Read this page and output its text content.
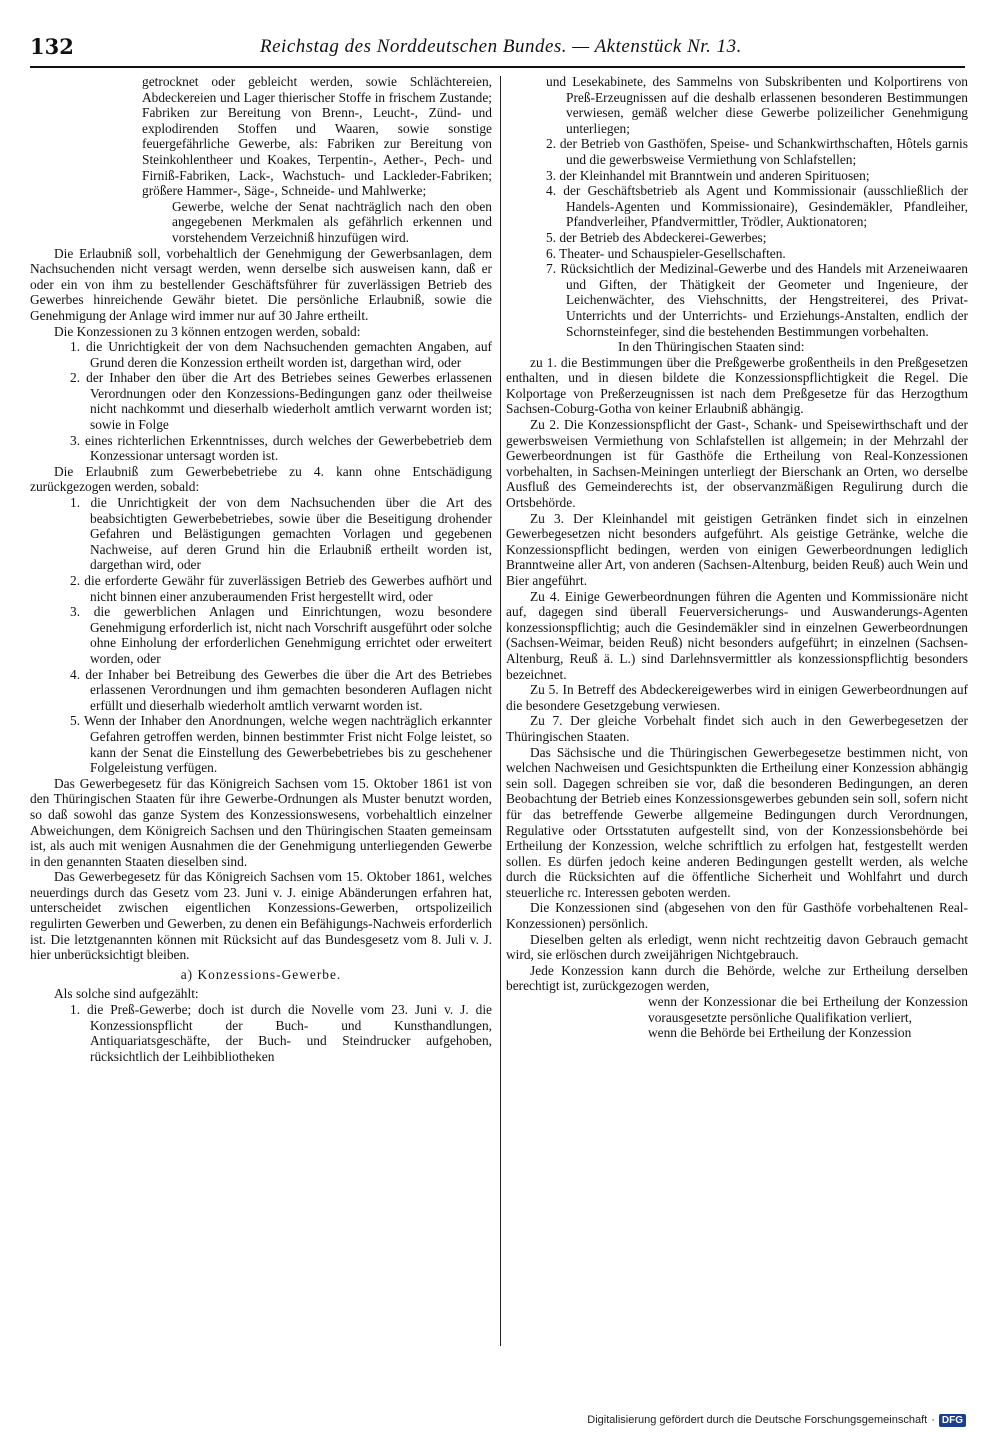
132	Reichstag des Norddeutschen Bundes. — Aktenstück Nr. 13.

getrocknet oder gebleicht werden, sowie Schlächtereien, Abdeckereien und Lager thierischer Stoffe in frischem Zustande; Fabriken zur Bereitung von Brenn-, Leucht-, Zünd- und explodirenden Stoffen und Waaren, sowie sonstige feuergefährliche Gewerbe, als: Fabriken zur Bereitung von Steinkohlentheer und Koakes, Terpentin-, Aether-, Pech- und Firniß-Fabriken, Lack-, Wachstuch- und Lackleder-Fabriken; größere Hammer-, Säge-, Schneide- und Mahlwerke;

Gewerbe, welche der Senat nachträglich nach den oben angegebenen Merkmalen als gefährlich erkennen und vorstehendem Verzeichniß hinzufügen wird.

Die Erlaubniß soll, vorbehaltlich der Genehmigung der Gewerbsanlagen, dem Nachsuchenden nicht versagt werden, wenn derselbe sich ausweisen kann, daß er oder ein von ihm zu bestellender Geschäftsführer für zuverlässigen Betrieb des Gewerbes hinreichende Gewähr bietet. Die persönliche Erlaubniß, sowie die Genehmigung der Anlage wird immer nur auf 30 Jahre ertheilt.

Die Konzessionen zu 3 können entzogen werden, sobald:

1. die Unrichtigkeit der von dem Nachsuchenden gemachten Angaben, auf Grund deren die Konzession ertheilt worden ist, dargethan wird, oder

2. der Inhaber den über die Art des Betriebes seines Gewerbes erlassenen Verordnungen oder den Konzessions-Bedingungen ganz oder theilweise nicht nachkommt und dieserhalb wiederholt amtlich verwarnt worden ist; sowie in Folge

3. eines richterlichen Erkenntnisses, durch welches der Gewerbebetrieb dem Konzessionar untersagt worden ist.

Die Erlaubniß zum Gewerbebetriebe zu 4. kann ohne Entschädigung zurückgezogen werden, sobald:

1. die Unrichtigkeit der von dem Nachsuchenden über die Art des beabsichtigten Gewerbebetriebes, sowie über die Beseitigung drohender Gefahren und Belästigungen gemachten Vorlagen und gegebenen Nachweise, auf deren Grund hin die Erlaubniß ertheilt worden ist, dargethan wird, oder

2. die erforderte Gewähr für zuverlässigen Betrieb des Gewerbes aufhört und nicht binnen einer anzuberaumenden Frist hergestellt wird, oder

3. die gewerblichen Anlagen und Einrichtungen, wozu besondere Genehmigung erforderlich ist, nicht nach Vorschrift ausgeführt oder solche ohne Einholung der erforderlichen Genehmigung errichtet oder erweitert worden, oder

4. der Inhaber bei Betreibung des Gewerbes die über die Art des Betriebes erlassenen Verordnungen und ihm gemachten besonderen Auflagen nicht erfüllt und dieserhalb wiederholt amtlich verwarnt worden ist.

5. Wenn der Inhaber den Anordnungen, welche wegen nachträglich erkannter Gefahren getroffen werden, binnen bestimmter Frist nicht Folge leistet, so kann der Senat die Einstellung des Gewerbebetriebes bis zu geschehener Folgeleistung verfügen.

Das Gewerbegesetz für das Königreich Sachsen vom 15. Oktober 1861 ist von den Thüringischen Staaten für ihre Gewerbe-Ordnungen als Muster benutzt worden, so daß sowohl das ganze System des Konzessionswesens, vorbehaltlich einzelner Abweichungen, dem Königreich Sachsen und den Thüringischen Staaten gemeinsam ist, als auch mit wenigen Ausnahmen die der Genehmigung unterliegenden Gewerbe in den genannten Staaten dieselben sind.

Das Gewerbegesetz für das Königreich Sachsen vom 15. Oktober 1861, welches neuerdings durch das Gesetz vom 23. Juni v. J. einige Abänderungen erfahren hat, unterscheidet zwischen eigentlichen Konzessions-Gewerben, ortspolizeilich regulirten Gewerben und Gewerben, zu denen ein Befähigungs-Nachweis erforderlich ist. Die letztgenannten können mit Rücksicht auf das Bundesgesetz vom 8. Juli v. J. hier unberücksichtigt bleiben.

a) Konzessions-Gewerbe.

Als solche sind aufgezählt:

1. die Preß-Gewerbe; doch ist durch die Novelle vom 23. Juni v. J. die Konzessionspflicht der Buch- und Kunsthandlungen, Antiquariatsgeschäfte, der Buch- und Steindrucker aufgehoben, rücksichtlich der Leihbibliotheken

und Lesekabinete, des Sammelns von Subskribenten und Kolportirens von Preß-Erzeugnissen auf die deshalb erlassenen besonderen Bestimmungen verwiesen, gemäß welcher diese Gewerbe polizeilicher Genehmigung unterliegen;

2. der Betrieb von Gasthöfen, Speise- und Schankwirthschaften, Hôtels garnis und die gewerbsweise Vermiethung von Schlafstellen;

3. der Kleinhandel mit Branntwein und anderen Spirituosen;

4. der Geschäftsbetrieb als Agent und Kommissionair (ausschließlich der Handels-Agenten und Kommissionaire), Gesindemäkler, Pfandleiher, Pfandverleiher, Pfandvermittler, Trödler, Auktionatoren;

5. der Betrieb des Abdeckerei-Gewerbes;

6. Theater- und Schauspieler-Gesellschaften.

7. Rücksichtlich der Medizinal-Gewerbe und des Handels mit Arzeneiwaaren und Giften, der Thätigkeit der Geometer und Ingenieure, der Leichenwächter, des Viehschnitts, der Hengstreiterei, des Privat-Unterrichts und der Unterrichts- und Erziehungs-Anstalten, endlich der Schornsteinfeger, sind die bestehenden Bestimmungen vorbehalten.

In den Thüringischen Staaten sind:

zu 1. die Bestimmungen über die Preßgewerbe großentheils in den Preßgesetzen enthalten, und in diesen bildete die Konzessionspflichtigkeit die Regel. Die Kolportage von Preßerzeugnissen ist nach dem Preßgesetze für das Herzogthum Sachsen-Coburg-Gotha von keiner Erlaubniß abhängig.

Zu 2. Die Konzessionspflicht der Gast-, Schank- und Speisewirthschaft und der gewerbsweisen Vermiethung von Schlafstellen ist allgemein; in der Mehrzahl der Gewerbeordnungen ist für Gasthöfe die Ertheilung von Real-Konzessionen vorbehalten, in Sachsen-Meiningen unterliegt der Bierschank an Orten, wo derselbe Ausfluß des Gemeinderechts ist, der observanzmäßigen Regulirung durch die Ortsbehörde.

Zu 3. Der Kleinhandel mit geistigen Getränken findet sich in einzelnen Gewerbegesetzen nicht besonders aufgeführt. Als geistige Getränke, welche die Konzessionspflicht bedingen, werden von einigen Gewerbeordnungen lediglich Branntweine aller Art, von anderen (Sachsen-Altenburg, beiden Reuß) auch Wein und Bier angeführt.

Zu 4. Einige Gewerbeordnungen führen die Agenten und Kommissionäre nicht auf, dagegen sind überall Feuerversicherungs- und Auswanderungs-Agenten konzessionspflichtig; auch die Gesindemäkler sind in einzelnen Gewerbeordnungen (Sachsen-Weimar, beiden Reuß) nicht besonders aufgeführt; in einzelnen (Sachsen-Altenburg, Reuß ä. L.) sind Darlehnsvermittler als konzessionspflichtig besonders bezeichnet.

Zu 5. In Betreff des Abdeckereigewerbes wird in einigen Gewerbeordnungen auf die besondere Gesetzgebung verwiesen.

Zu 7. Der gleiche Vorbehalt findet sich auch in den Gewerbegesetzen der Thüringischen Staaten.

Das Sächsische und die Thüringischen Gewerbegesetze bestimmen nicht, von welchen Nachweisen und Gesichtspunkten die Ertheilung einer Konzession abhängig sein soll. Dagegen schreiben sie vor, daß die besonderen Bedingungen, an deren Beobachtung der Betrieb eines Konzessionsgewerbes gebunden sein soll, sofern nicht für das betreffende Gewerbe allgemeine Bedingungen durch Verordnungen, Regulative oder Ortsstatuten aufgestellt sind, von der Konzessionsbehörde bei Ertheilung der Konzession, welche schriftlich zu erfolgen hat, festgestellt werden sollen. Es dürfen jedoch keine anderen Bedingungen gestellt werden, als welche durch die Rücksichten auf die öffentliche Sicherheit und Wohlfahrt und durch steuerliche rc. Interessen geboten werden.

Die Konzessionen sind (abgesehen von den für Gasthöfe vorbehaltenen Real-Konzessionen) persönlich.

Dieselben gelten als erledigt, wenn nicht rechtzeitig davon Gebrauch gemacht wird, sie erlöschen durch zweijährigen Nichtgebrauch.

Jede Konzession kann durch die Behörde, welche zur Ertheilung derselben berechtigt ist, zurückgezogen werden,

wenn der Konzessionar die bei Ertheilung der Konzession vorausgesetzte persönliche Qualifikation verliert,

wenn die Behörde bei Ertheilung der Konzession

Digitalisierung gefördert durch die Deutsche Forschungsgemeinschaft · DFG
